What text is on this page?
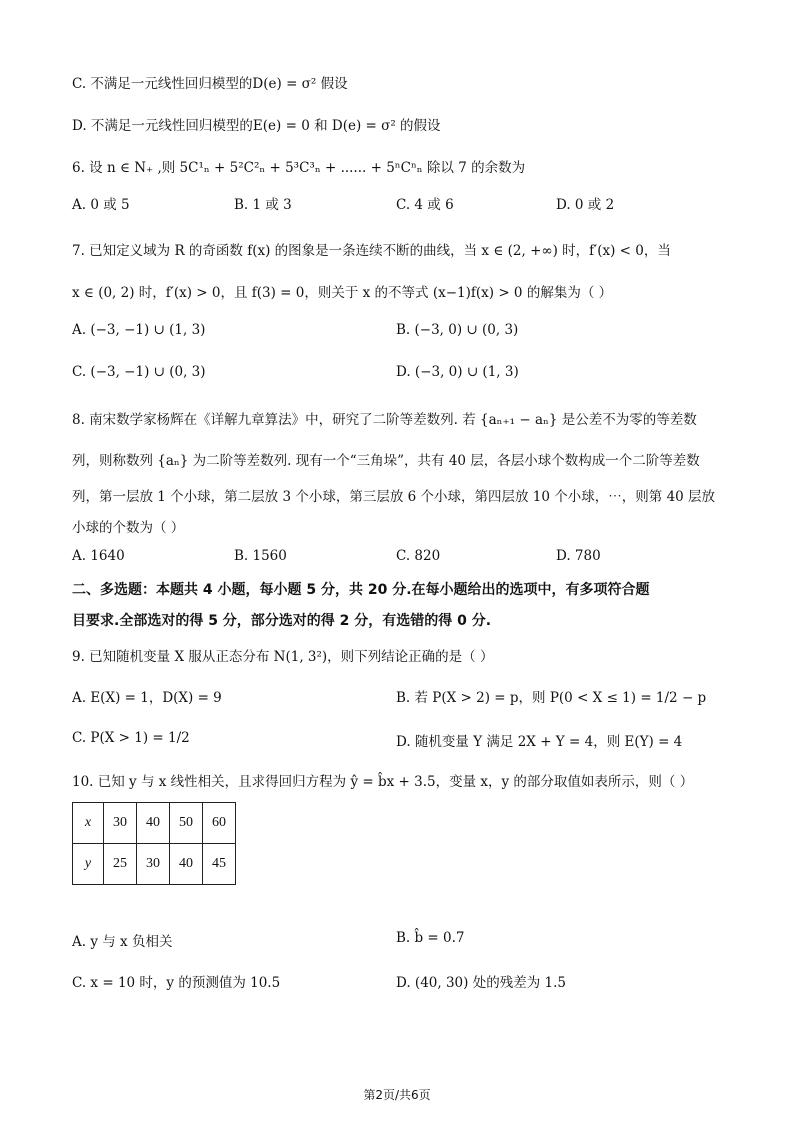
C. 不满足一元线性回归模型的D(e) = σ² 假设
D. 不满足一元线性回归模型的E(e) = 0 和 D(e) = σ² 的假设
6. 设 n ∈ N₊ ,则 5C¹ₙ + 5²C²ₙ + 5³C³ₙ + ...... + 5ⁿCⁿₙ 除以 7 的余数为
A. 0 或 5	B. 1 或 3	C. 4 或 6	D. 0 或 2
7. 已知定义域为 R 的奇函数 f(x) 的图象是一条连续不断的曲线，当 x ∈ (2, +∞) 时，f′(x) < 0，当
x ∈ (0, 2) 时，f′(x) > 0，且 f(3) = 0，则关于 x 的不等式 (x−1)f(x) > 0 的解集为（ ）
A. (−3, −1) ∪ (1, 3)	B. (−3, 0) ∪ (0, 3)
C. (−3, −1) ∪ (0, 3)	D. (−3, 0) ∪ (1, 3)
8. 南宋数学家杨辉在《详解九章算法》中，研究了二阶等差数列. 若 {aₙ₊₁ − aₙ} 是公差不为零的等差数
列，则称数列 {aₙ} 为二阶等差数列. 现有一个“三角垛”，共有 40 层，各层小球个数构成一个二阶等差数
列，第一层放 1 个小球，第二层放 3 个小球，第三层放 6 个小球，第四层放 10 个小球，⋯，则第 40 层放
小球的个数为（ ）
A. 1640	B. 1560	C. 820	D. 780
二、多选题：本题共 4 小题，每小题 5 分，共 20 分.在每小题给出的选项中，有多项符合题
目要求.全部选对的得 5 分，部分选对的得 2 分，有选错的得 0 分.
9. 已知随机变量 X 服从正态分布 N(1, 3²)，则下列结论正确的是（ ）
A. E(X) = 1，D(X) = 9	B. 若 P(X > 2) = p，则 P(0 < X ≤ 1) = 1/2 − p
C. P(X > 1) = 1/2	D. 随机变量 Y 满足 2X + Y = 4，则 E(Y) = 4
10. 已知 y 与 x 线性相关，且求得回归方程为 ŷ = b̂x + 3.5，变量 x，y 的部分取值如表所示，则（ ）
x	30	40	50	60
y	25	30	40	45
A. y 与 x 负相关	B. b̂ = 0.7
C. x = 10 时，y 的预测值为 10.5	D. (40, 30) 处的残差为 1.5
第2页/共6页
